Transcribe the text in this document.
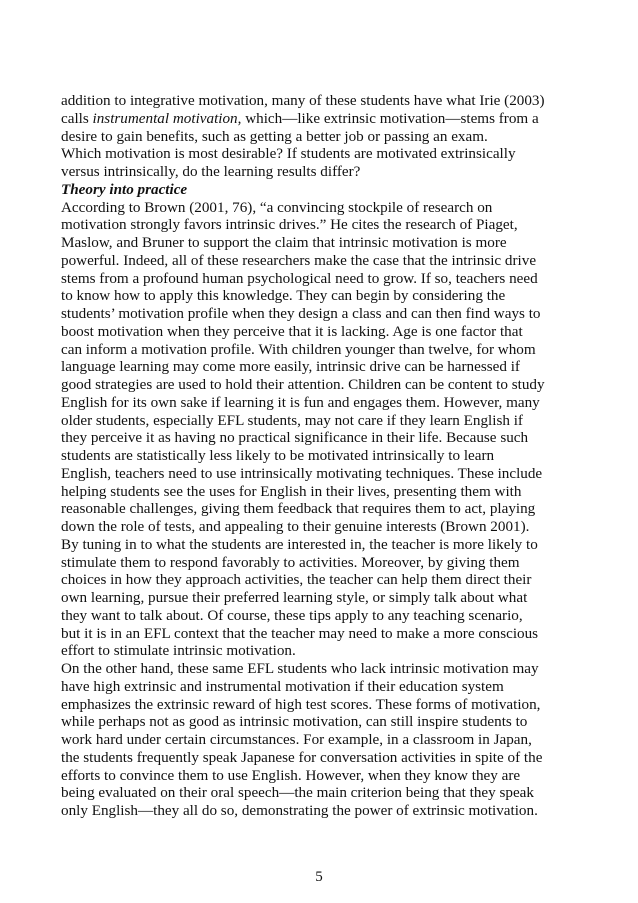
addition to integrative motivation, many of these students have what Irie (2003)
calls instrumental motivation, which—like extrinsic motivation—stems from a
desire to gain benefits, such as getting a better job or passing an exam.
Which motivation is most desirable? If students are motivated extrinsically
versus intrinsically, do the learning results differ?
Theory into practice
According to Brown (2001, 76), “a convincing stockpile of research on
motivation strongly favors intrinsic drives.” He cites the research of Piaget,
Maslow, and Bruner to support the claim that intrinsic motivation is more
powerful. Indeed, all of these researchers make the case that the intrinsic drive
stems from a profound human psychological need to grow. If so, teachers need
to know how to apply this knowledge. They can begin by considering the
students’ motivation profile when they design a class and can then find ways to
boost motivation when they perceive that it is lacking. Age is one factor that
can inform a motivation profile. With children younger than twelve, for whom
language learning may come more easily, intrinsic drive can be harnessed if
good strategies are used to hold their attention. Children can be content to study
English for its own sake if learning it is fun and engages them. However, many
older students, especially EFL students, may not care if they learn English if
they perceive it as having no practical significance in their life. Because such
students are statistically less likely to be motivated intrinsically to learn
English, teachers need to use intrinsically motivating techniques. These include
helping students see the uses for English in their lives, presenting them with
reasonable challenges, giving them feedback that requires them to act, playing
down the role of tests, and appealing to their genuine interests (Brown 2001).
By tuning in to what the students are interested in, the teacher is more likely to
stimulate them to respond favorably to activities. Moreover, by giving them
choices in how they approach activities, the teacher can help them direct their
own learning, pursue their preferred learning style, or simply talk about what
they want to talk about. Of course, these tips apply to any teaching scenario,
but it is in an EFL context that the teacher may need to make a more conscious
effort to stimulate intrinsic motivation.
On the other hand, these same EFL students who lack intrinsic motivation may
have high extrinsic and instrumental motivation if their education system
emphasizes the extrinsic reward of high test scores. These forms of motivation,
while perhaps not as good as intrinsic motivation, can still inspire students to
work hard under certain circumstances. For example, in a classroom in Japan,
the students frequently speak Japanese for conversation activities in spite of the
efforts to convince them to use English. However, when they know they are
being evaluated on their oral speech—the main criterion being that they speak
only English—they all do so, demonstrating the power of extrinsic motivation.
5
